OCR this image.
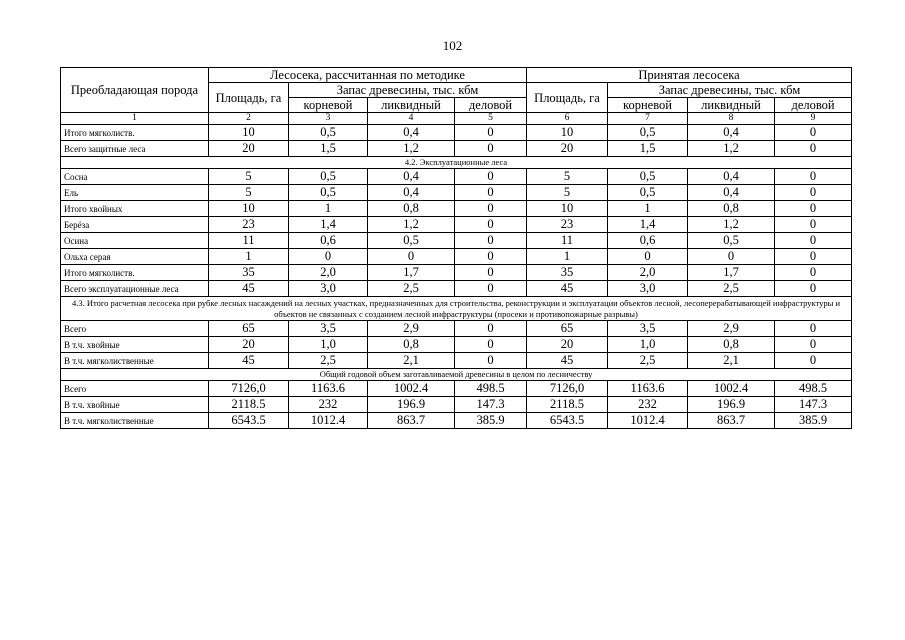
102
Преобладающая порода	Лесосека, рассчитанная по методике				Принятая лесосека			
	Площадь, га	Запас древесины, тыс. кбм			Площадь, га	Запас древесины, тыс. кбм		
		корневой	ликвидный	деловой		корневой	ликвидный	деловой
1	2	3	4	5	6	7	8	9
Итого мягколиств.	10	0,5	0,4	0	10	0,5	0,4	0
Всего защитные леса	20	1,5	1,2	0	20	1,5	1,2	0
4.2. Эксплуатационные леса								
Сосна	5	0,5	0,4	0	5	0,5	0,4	0
Ель	5	0,5	0,4	0	5	0,5	0,4	0
Итого хвойных	10	1	0,8	0	10	1	0,8	0
Берёза	23	1,4	1,2	0	23	1,4	1,2	0
Осина	11	0,6	0,5	0	11	0,6	0,5	0
Ольха серая	1	0	0	0	1	0	0	0
Итого мягколиств.	35	2,0	1,7	0	35	2,0	1,7	0
Всего эксплуатационные леса	45	3,0	2,5	0	45	3,0	2,5	0
4.3. Итого расчетная лесосека при рубке лесных насаждений на лесных участках, предназначенных для строительства, реконструкции и эксплуатации объектов лесной, лесоперерабатывающей инфраструктуры и объектов не связанных с созданием лесной инфраструктуры (просеки и противопожарные разрывы)								
Всего	65	3,5	2,9	0	65	3,5	2,9	0
В т.ч. хвойные	20	1,0	0,8	0	20	1,0	0,8	0
В т.ч. мягколиственные	45	2,5	2,1	0	45	2,5	2,1	0
Общий годовой объем заготавливаемой древесины в целом по лесничеству								
Всего	7126,0	1163.6	1002.4	498.5	7126,0	1163.6	1002.4	498.5
В т.ч. хвойные	2118.5	232	196.9	147.3	2118.5	232	196.9	147.3
В т.ч. мягколиственные	6543.5	1012.4	863.7	385.9	6543.5	1012.4	863.7	385.9
